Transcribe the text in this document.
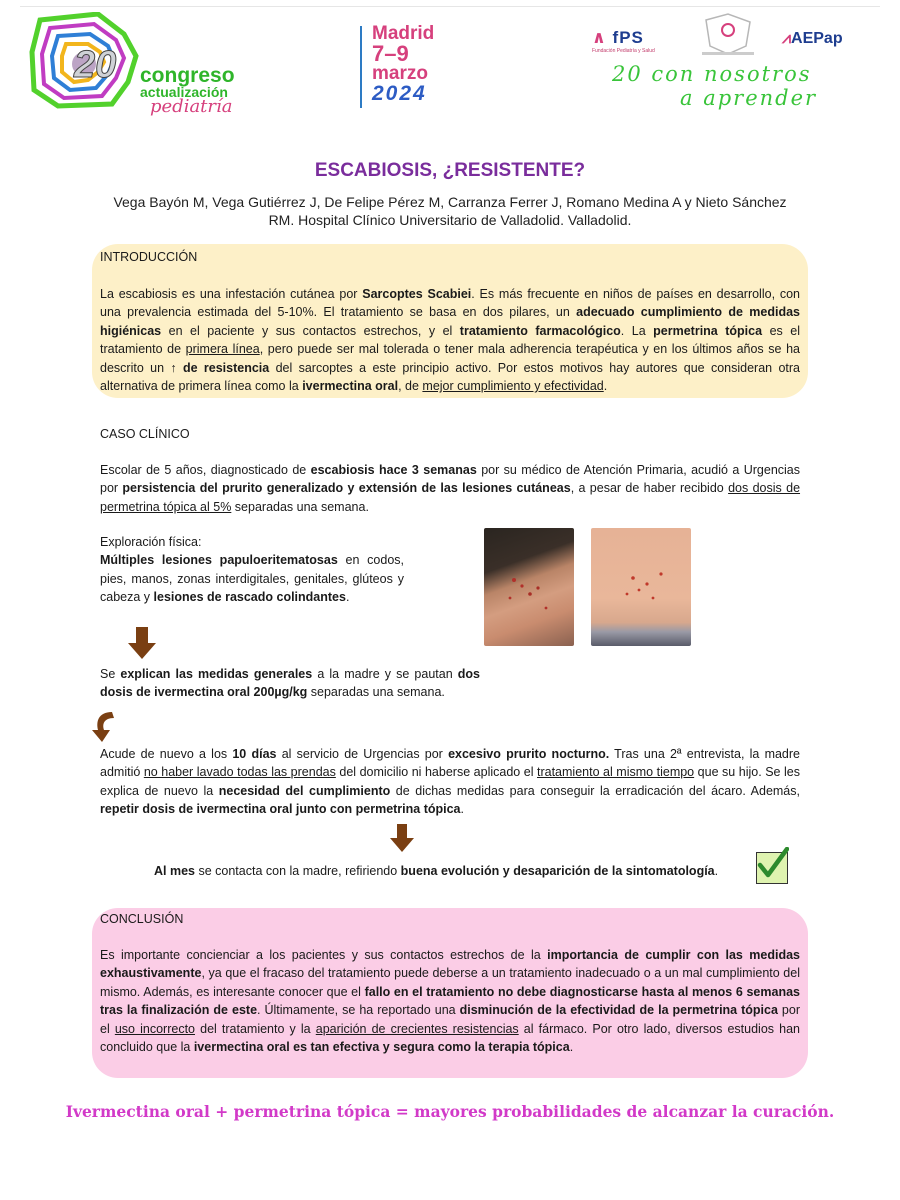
20 congreso
actualización
pediatría
Madrid
7–9
marzo
2024
∧ fPS
Fundación Pediatría y Salud
⩘AEPap
20 con nosotros
a aprender
ESCABIOSIS, ¿RESISTENTE?
Vega Bayón M, Vega Gutiérrez J, De Felipe Pérez M, Carranza Ferrer J, Romano Medina A y Nieto Sánchez RM. Hospital Clínico Universitario de Valladolid. Valladolid.
INTRODUCCIÓN
La escabiosis es una infestación cutánea por Sarcoptes Scabiei. Es más frecuente en niños de países en desarrollo, con una prevalencia estimada del 5-10%. El tratamiento se basa en dos pilares, un adecuado cumplimiento de medidas higiénicas en el paciente y sus contactos estrechos, y el tratamiento farmacológico. La permetrina tópica es el tratamiento de primera línea, pero puede ser mal tolerada o tener mala adherencia terapéutica y en los últimos años se ha descrito un ↑ de resistencia del sarcoptes a este principio activo. Por estos motivos hay autores que consideran otra alternativa de primera línea como la ivermectina oral, de mejor cumplimiento y efectividad.
CASO CLÍNICO
Escolar de 5 años, diagnosticado de escabiosis hace 3 semanas por su médico de Atención Primaria, acudió a Urgencias por persistencia del prurito generalizado y extensión de las lesiones cutáneas, a pesar de haber recibido dos dosis de permetrina tópica al 5% separadas una semana.
Exploración física:
Múltiples lesiones papuloeritematosas en codos, pies, manos, zonas interdigitales, genitales, glúteos y cabeza y lesiones de rascado colindantes.
Se explican las medidas generales a la madre y se pautan dos dosis de ivermectina oral 200µg/kg separadas una semana.
Acude de nuevo a los 10 días al servicio de Urgencias por excesivo prurito nocturno. Tras una 2ª entrevista, la madre admitió no haber lavado todas las prendas del domicilio ni haberse aplicado el tratamiento al mismo tiempo que su hijo. Se les explica de nuevo la necesidad del cumplimiento de dichas medidas para conseguir la erradicación del ácaro. Además, repetir dosis de ivermectina oral junto con permetrina tópica.
Al mes se contacta con la madre, refiriendo buena evolución y desaparición de la sintomatología.
CONCLUSIÓN
Es importante concienciar a los pacientes y sus contactos estrechos de la importancia de cumplir con las medidas exhaustivamente, ya que el fracaso del tratamiento puede deberse a un tratamiento inadecuado o a un mal cumplimiento del mismo. Además, es interesante conocer que el fallo en el tratamiento no debe diagnosticarse hasta al menos 6 semanas tras la finalización de este. Últimamente, se ha reportado una disminución de la efectividad de la permetrina tópica por el uso incorrecto del tratamiento y la aparición de crecientes resistencias al fármaco. Por otro lado, diversos estudios han concluido que la ivermectina oral es tan efectiva y segura como la terapia tópica.
Ivermectina oral + permetrina tópica = mayores probabilidades de alcanzar la curación.
